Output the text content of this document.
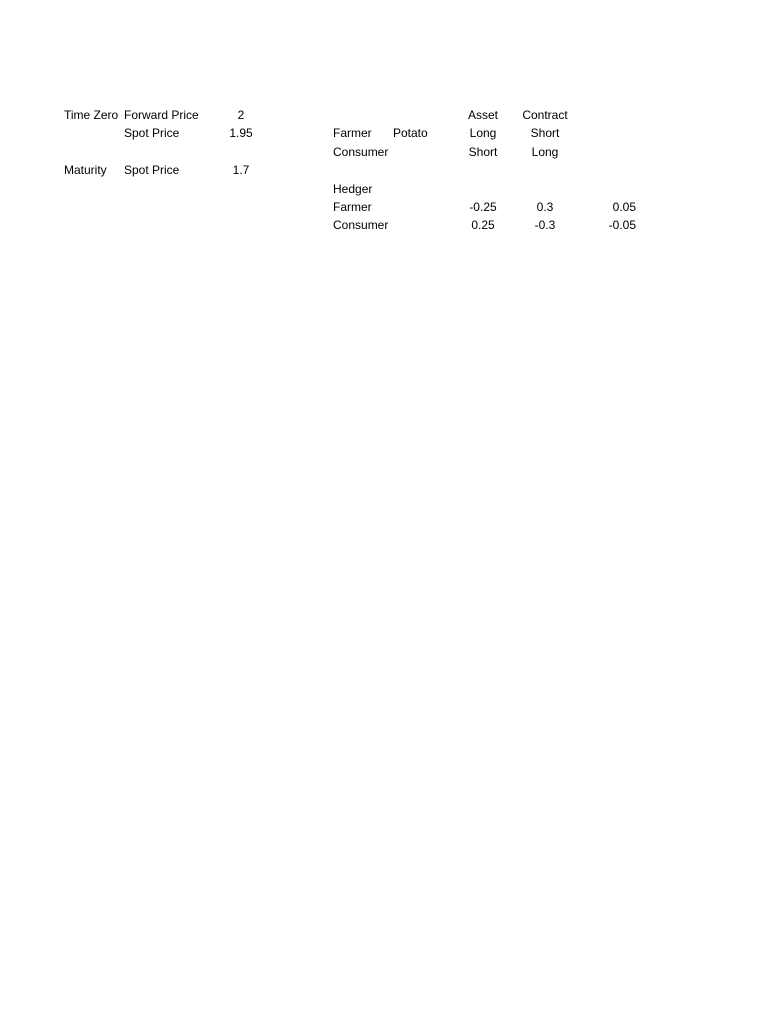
Time Zero Forward Price	2
Spot Price	1.95
Maturity Spot Price	1.7
Asset	Contract
Farmer Potato	Long	Short
Consumer	Short	Long
Hedger
Farmer	-0.25	0.3	0.05
Consumer	0.25	-0.3	-0.05
